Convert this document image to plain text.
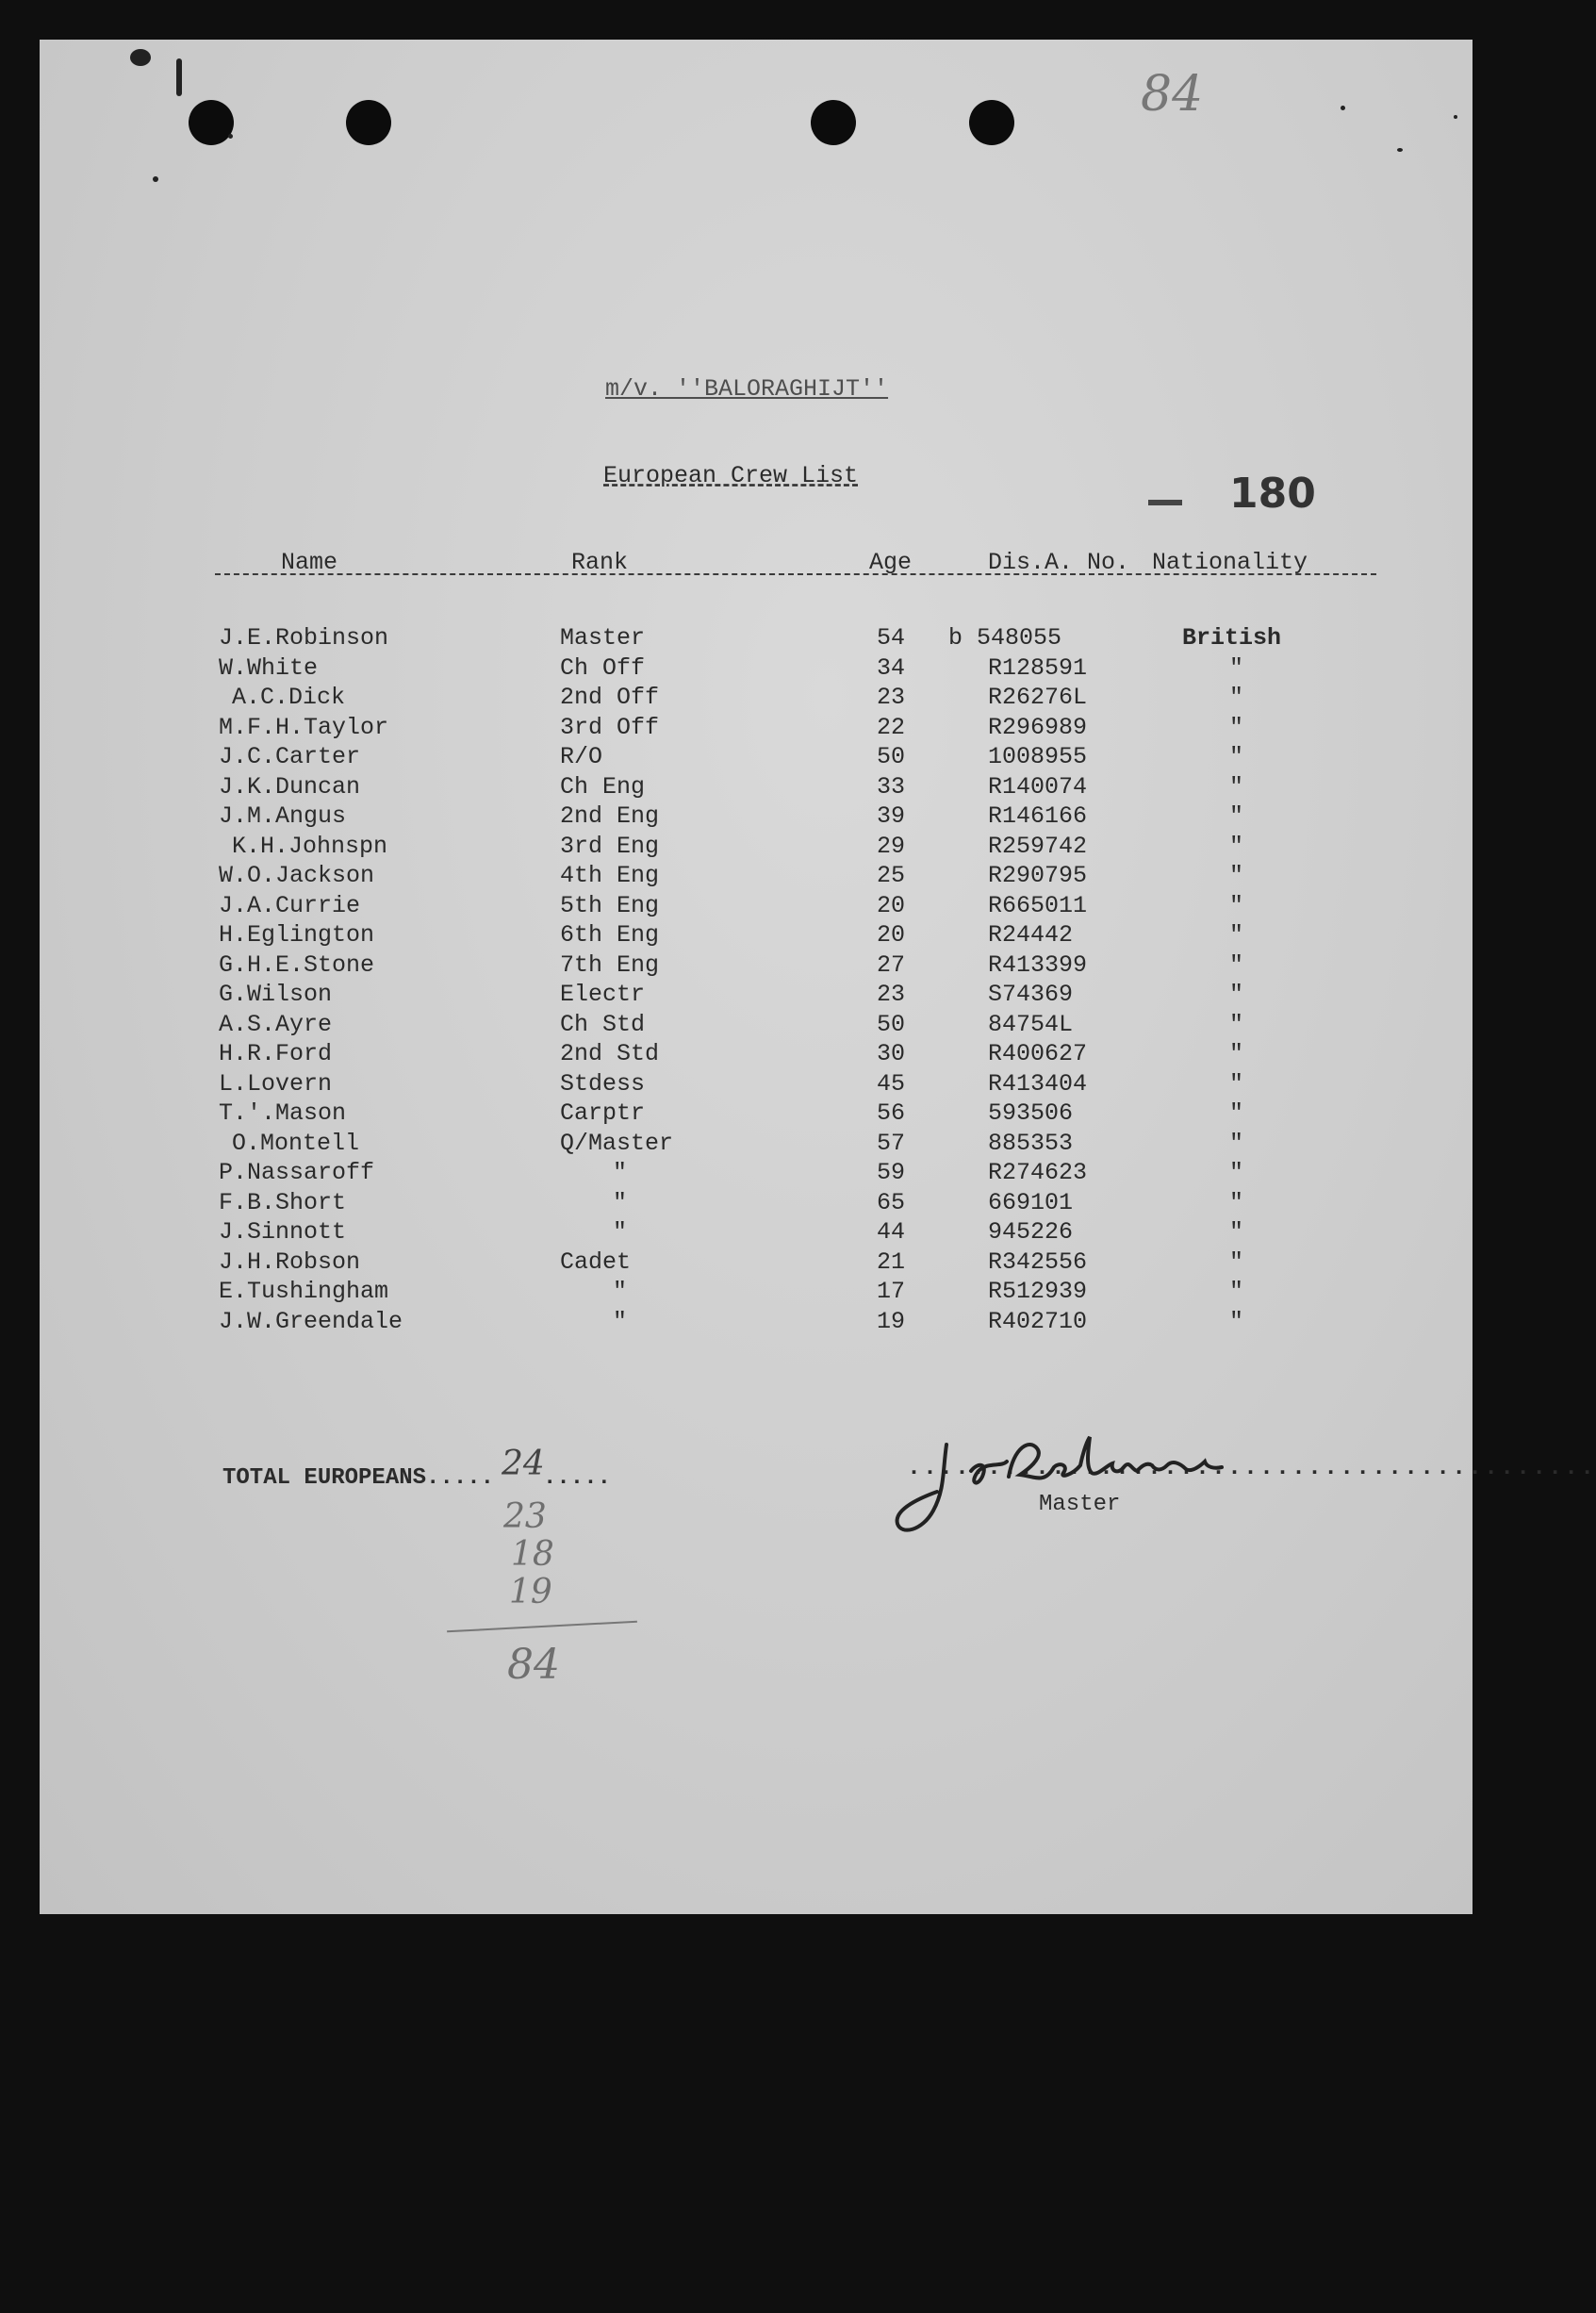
84
m/v. ''BALORAGHIJT''
European Crew List	180
Name	Rank	Age	Dis.A. No. Nationality
J.E.Robinson	Master	54 b 548055	British
W.White	Ch Off	34	R128591	"
A.C.Dick	2nd Off	23	R26276L	"
M.F.H.Taylor	3rd Off	22	R296989	"
J.C.Carter	R/O	50	1008955	"
J.K.Duncan	Ch Eng	33	R140074	"
J.M.Angus	2nd Eng	39	R146166	"
K.H.Johnspn	3rd Eng	29	R259742	"
W.O.Jackson	4th Eng	25	R290795	"
J.A.Currie	5th Eng	20	R665011	"
H.Eglington	6th Eng	20	R24442	"
G.H.E.Stone	7th Eng	27	R413399	"
G.Wilson	Electr	23	S74369	"
A.S.Ayre	Ch Std	50	84754L	"
H.R.Ford	2nd Std	30	R400627	"
L.Lovern	Stdess	45	R413404	"
T.'.Mason	Carptr	56	593506	"
O.Montell	Q/Master	57	885353	"
P.Nassaroff	"	59	R274623	"
F.B.Short	"	65	669101	"
J.Sinnott	"	44	945226	"
J.H.Robson	Cadet	21	R342556	"
E.Tushingham	"	17	R512939	"
J.W.Greendale	"	19	R402710	"
TOTAL EUROPEANS..... 24
.....
23
18
19
84
...........................................
Master
